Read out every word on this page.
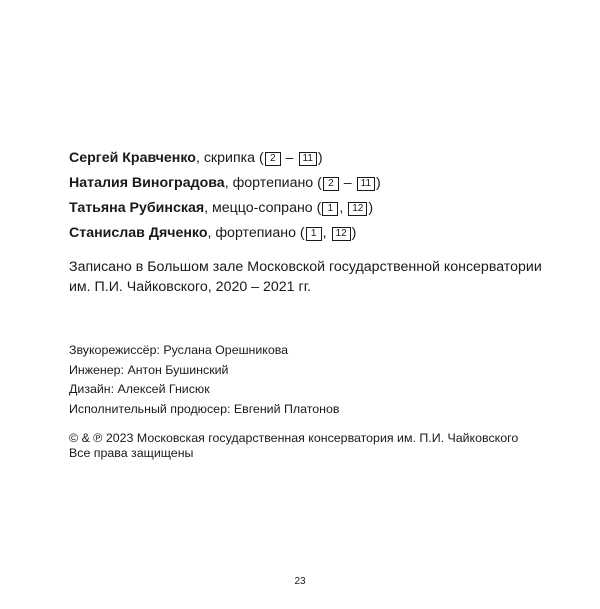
Сергей Кравченко, скрипка ( 2 – 11 )
Наталия Виноградова, фортепиано ( 2 – 11 )
Татьяна Рубинская, меццо-сопрано ( 1 , 12 )
Станислав Дяченко, фортепиано ( 1 , 12 )
Записано в Большом зале Московской государственной консерватории
им. П.И. Чайковского, 2020 – 2021 гг.
Звукорежиссёр: Руслана Орешникова
Инженер: Антон Бушинский
Дизайн: Алексей Гнисюк
Исполнительный продюсер: Евгений Платонов
© & ℗ 2023 Московская государственная консерватория им. П.И. Чайковского
Все права защищены
23
